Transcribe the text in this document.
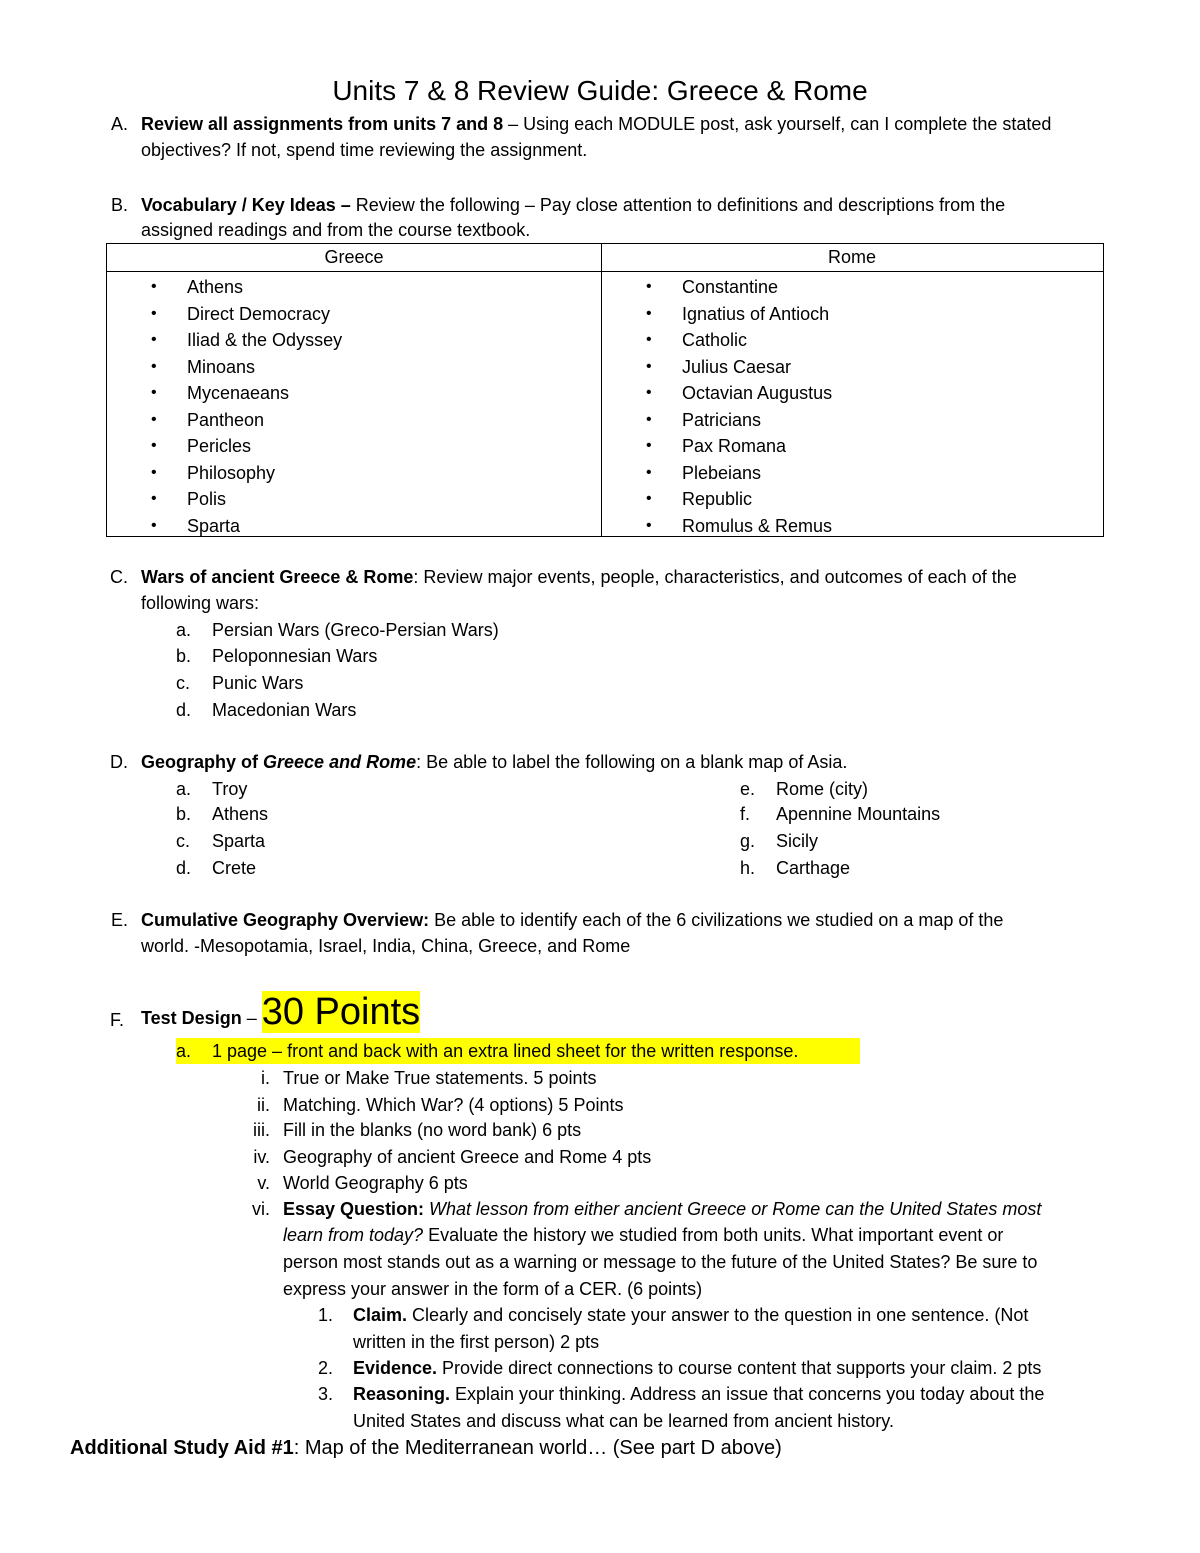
Units 7 & 8 Review Guide: Greece & Rome
A. Review all assignments from units 7 and 8 – Using each MODULE post, ask yourself, can I complete the stated
objectives? If not, spend time reviewing the assignment.
B. Vocabulary / Key Ideas – Review the following – Pay close attention to definitions and descriptions from the
assigned readings and from the course textbook.
Greece	Rome
• Athens
• Direct Democracy
• Iliad & the Odyssey
• Minoans
• Mycenaeans
• Pantheon
• Pericles
• Philosophy
• Polis
• Sparta
• Constantine
• Ignatius of Antioch
• Catholic
• Julius Caesar
• Octavian Augustus
• Patricians
• Pax Romana
• Plebeians
• Republic
• Romulus & Remus
C. Wars of ancient Greece & Rome: Review major events, people, characteristics, and outcomes of each of the
following wars:
a. Persian Wars (Greco-Persian Wars)
b. Peloponnesian Wars
c. Punic Wars
d. Macedonian Wars
D. Geography of Greece and Rome: Be able to label the following on a blank map of Asia.
a. Troy
b. Athens
c. Sparta
d. Crete
e. Rome (city)
f. Apennine Mountains
g. Sicily
h. Carthage
E. Cumulative Geography Overview: Be able to identify each of the 6 civilizations we studied on a map of the
world. -Mesopotamia, Israel, India, China, Greece, and Rome
F. Test Design – 30 Points
a. 1 page – front and back with an extra lined sheet for the written response.
i. True or Make True statements. 5 points
ii. Matching. Which War? (4 options) 5 Points
iii. Fill in the blanks (no word bank) 6 pts
iv. Geography of ancient Greece and Rome 4 pts
v. World Geography 6 pts
vi. Essay Question: What lesson from either ancient Greece or Rome can the United States most
learn from today? Evaluate the history we studied from both units. What important event or
person most stands out as a warning or message to the future of the United States? Be sure to
express your answer in the form of a CER. (6 points)
1. Claim. Clearly and concisely state your answer to the question in one sentence. (Not
written in the first person) 2 pts
2. Evidence. Provide direct connections to course content that supports your claim. 2 pts
3. Reasoning. Explain your thinking. Address an issue that concerns you today about the
United States and discuss what can be learned from ancient history.
Additional Study Aid #1: Map of the Mediterranean world… (See part D above)
